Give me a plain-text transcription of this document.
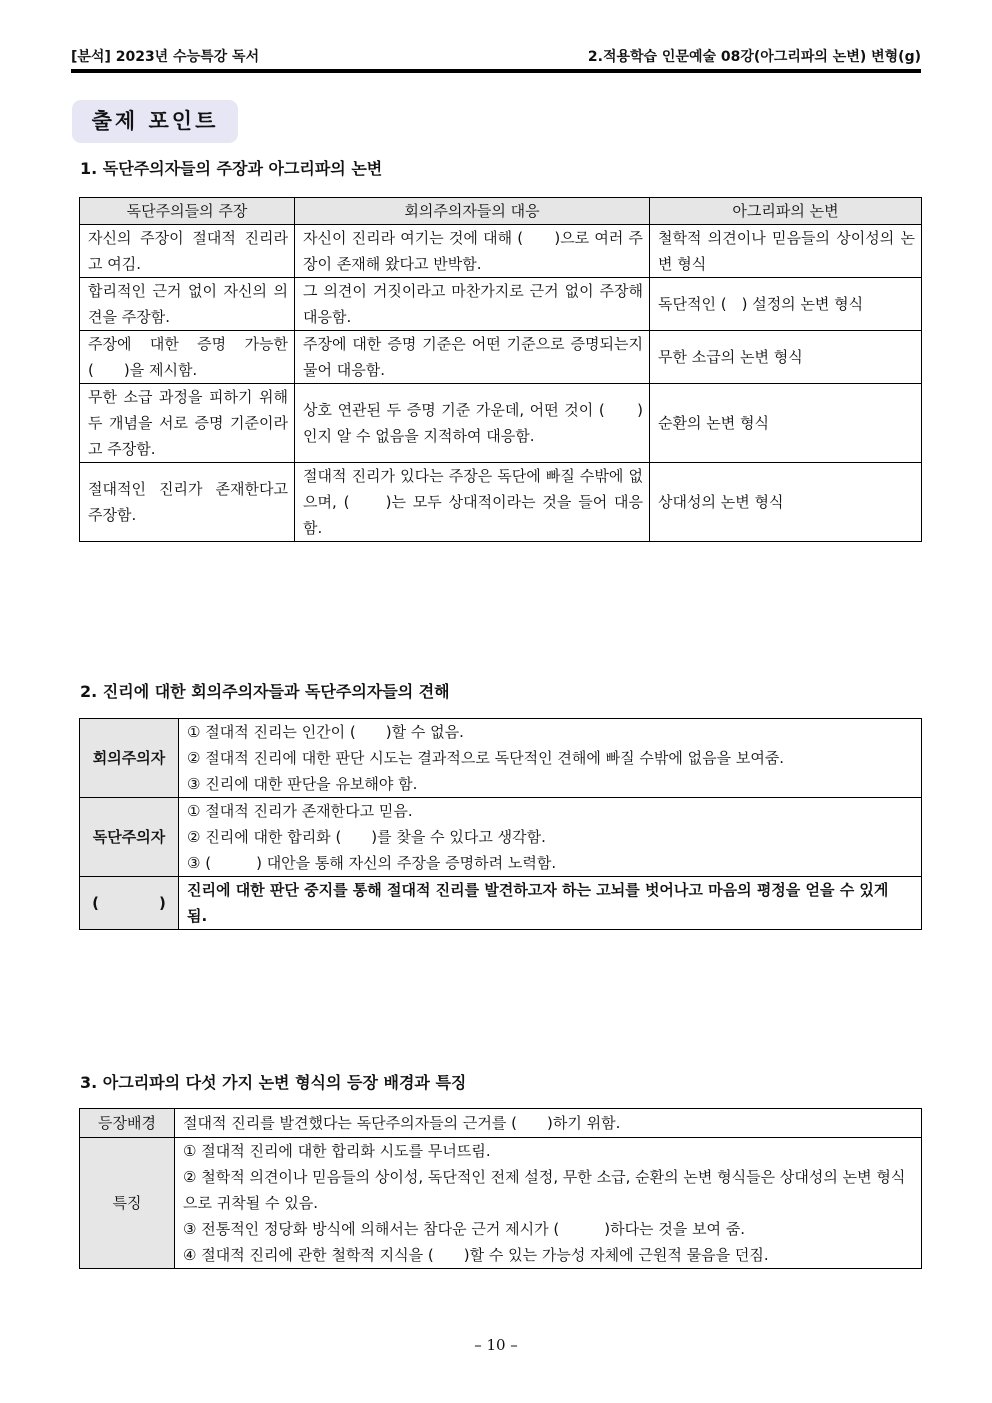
[분석] 2023년 수능특강 독서	2.적용학습 인문예술 08강(아그리파의 논변) 변형(g)
출제 포인트
1. 독단주의자들의 주장과 아그리파의 논변
독단주의들의 주장	회의주의자들의 대응	아그리파의 논변
자신의 주장이 절대적 진리라고 여김.	자신이 진리라 여기는 것에 대해 (　　)으로 여러 주장이 존재해 왔다고 반박함.	철학적 의견이나 믿음들의 상이성의 논변 형식
합리적인 근거 없이 자신의 의견을 주장함.	그 의견이 거짓이라고 마찬가지로 근거 없이 주장해 대응함.	독단적인 (　) 설정의 논변 형식
주장에 대한 증명 가능한 (　　)을 제시함.	주장에 대한 증명 기준은 어떤 기준으로 증명되는지 물어 대응함.	무한 소급의 논변 형식
무한 소급 과정을 피하기 위해 두 개념을 서로 증명 기준이라고 주장함.	상호 연관된 두 증명 기준 가운데, 어떤 것이 (　　)인지 알 수 없음을 지적하여 대응함.	순환의 논변 형식
절대적인 진리가 존재한다고 주장함.	절대적 진리가 있다는 주장은 독단에 빠질 수밖에 없으며, (　　)는 모두 상대적이라는 것을 들어 대응함.	상대성의 논변 형식
2. 진리에 대한 회의주의자들과 독단주의자들의 견해
회의주의자	① 절대적 진리는 인간이 (　　)할 수 없음.
② 절대적 진리에 대한 판단 시도는 결과적으로 독단적인 견해에 빠질 수밖에 없음을 보여줌.
③ 진리에 대한 판단을 유보해야 함.

독단주의자	① 절대적 진리가 존재한다고 믿음.
② 진리에 대한 합리화 (　　)를 찾을 수 있다고 생각함.
③ (　　　) 대안을 통해 자신의 주장을 증명하려 노력함.

(　　　　)	진리에 대한 판단 중지를 통해 절대적 진리를 발견하고자 하는 고뇌를 벗어나고 마음의 평정을 얻을 수 있게 됨.
3. 아그리파의 다섯 가지 논변 형식의 등장 배경과 특징
등장배경	절대적 진리를 발견했다는 독단주의자들의 근거를 (　　)하기 위함.
특징	① 절대적 진리에 대한 합리화 시도를 무너뜨림.
② 철학적 의견이나 믿음들의 상이성, 독단적인 전제 설정, 무한 소급, 순환의 논변 형식들은 상대성의 논변 형식으로 귀착될 수 있음.
③ 전통적인 정당화 방식에 의해서는 참다운 근거 제시가 (　　　)하다는 것을 보여 줌.
④ 절대적 진리에 관한 철학적 지식을 (　　)할 수 있는 가능성 자체에 근원적 물음을 던짐.
– 10 –
